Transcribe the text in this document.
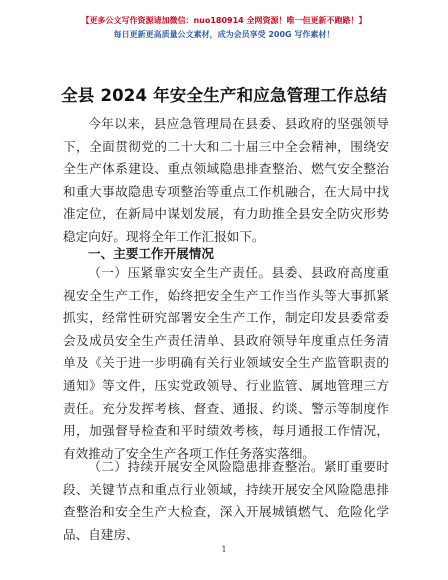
【更多公文写作资源请加微信：nuo180914 全网资源！唯一但更新不跑路！】
每日更新更高质量公文素材，成为会员享受 200G 写作素材！
全县 2024 年安全生产和应急管理工作总结
今年以来，县应急管理局在县委、县政府的坚强领导下，全面贯彻党的二十大和二十届三中全会精神，围绕安全生产体系建设、重点领域隐患排查整治、燃气安全整治和重大事故隐患专项整治等重点工作机融合，在大局中找准定位，在新局中谋划发展，有力助推全县安全防灾形势稳定向好。现将全年工作汇报如下。
一、主要工作开展情况
（一）压紧靠实安全生产责任。县委、县政府高度重视安全生产工作，始终把安全生产工作当作头等大事抓紧抓实，经常性研究部署安全生产工作，制定印发县委常委会及成员安全生产责任清单、县政府领导年度重点任务清单及《关于进一步明确有关行业领域安全生产监管职责的通知》等文件，压实党政领导、行业监管、属地管理三方责任。充分发挥考核、督查、通报、约谈、警示等制度作用，加强督导检查和平时绩效考核，每月通报工作情况，有效推动了安全生产各项工作任务落实落细。
（二）持续开展安全风险隐患排查整治。紧盯重要时段、关键节点和重点行业领域，持续开展安全风险隐患排查整治和安全生产大检查，深入开展城镇燃气、危险化学品、自建房、
1
